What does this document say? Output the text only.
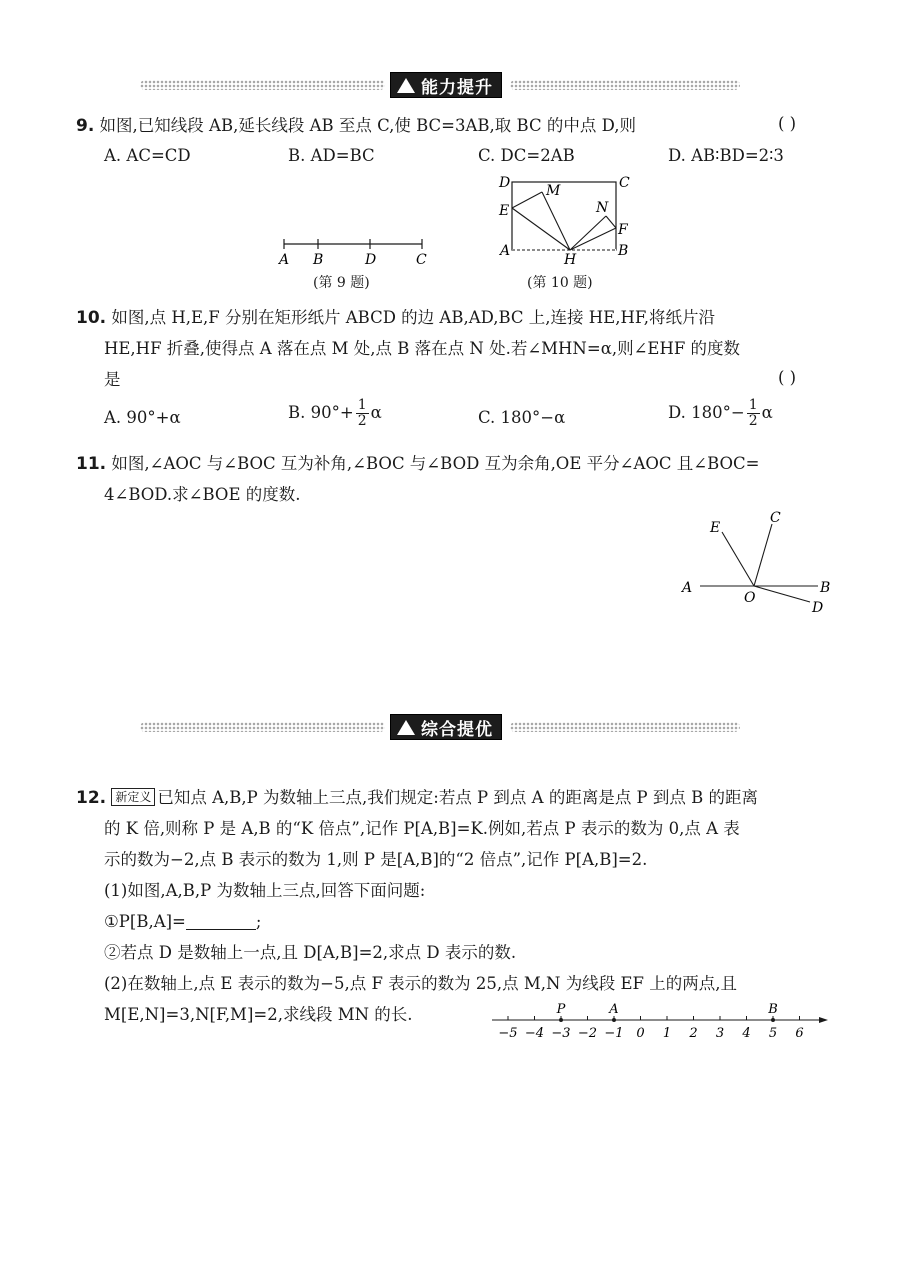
能力提升
9. 如图,已知线段 AB,延长线段 AB 至点 C,使 BC=3AB,取 BC 的中点 D,则	( )
A. AC=CD	B. AD=BC	C. DC=2AB	D. AB∶BD=2∶3
A B	D	C
(第 9 题)
D	C
M
E	N
F
A
H
B
(第 10 题)
10. 如图,点 H,E,F 分别在矩形纸片 ABCD 的边 AB,AD,BC 上,连接 HE,HF,将纸片沿
HE,HF 折叠,使得点 A 落在点 M 处,点 B 落在点 N 处.若∠MHN=α,则∠EHF 的度数
是	( )
A. 90°+α	B. $90^\circ+ \frac{1}{2}$ α	C. 180°−α	D. $180^\circ- \frac{1}{2}$ α
11. 如图,∠AOC 与∠BOC 互为补角,∠BOC 与∠BOD 互为余角,OE 平分∠AOC 且∠BOC=
4∠BOD.求∠BOE 的度数.
E
C
A
O
B
D
综合提优
12. 新定义 已知点 A,B,P 为数轴上三点,我们规定:若点 P 到点 A 的距离是点 P 到点 B 的距离
的 K 倍,则称 P 是 A,B 的“K 倍点”,记作 P[A,B]=K.例如,若点 P 表示的数为 0,点 A 表
示的数为−2,点 B 表示的数为 1,则 P 是[A,B]的“2 倍点”,记作 P[A,B]=2.
(1)如图,A,B,P 为数轴上三点,回答下面问题:
①P[B,A]=	;
②若点 D 是数轴上一点,且 D[A,B]=2,求点 D 表示的数.
(2)在数轴上,点 E 表示的数为−5,点 F 表示的数为 25,点 M,N 为线段 EF 上的两点,且
M[E,N]=3,N[F,M]=2,求线段 MN 的长.
−5 −4 −3 −2 −1 0 1 2 3 4 5 6
P	A	B
